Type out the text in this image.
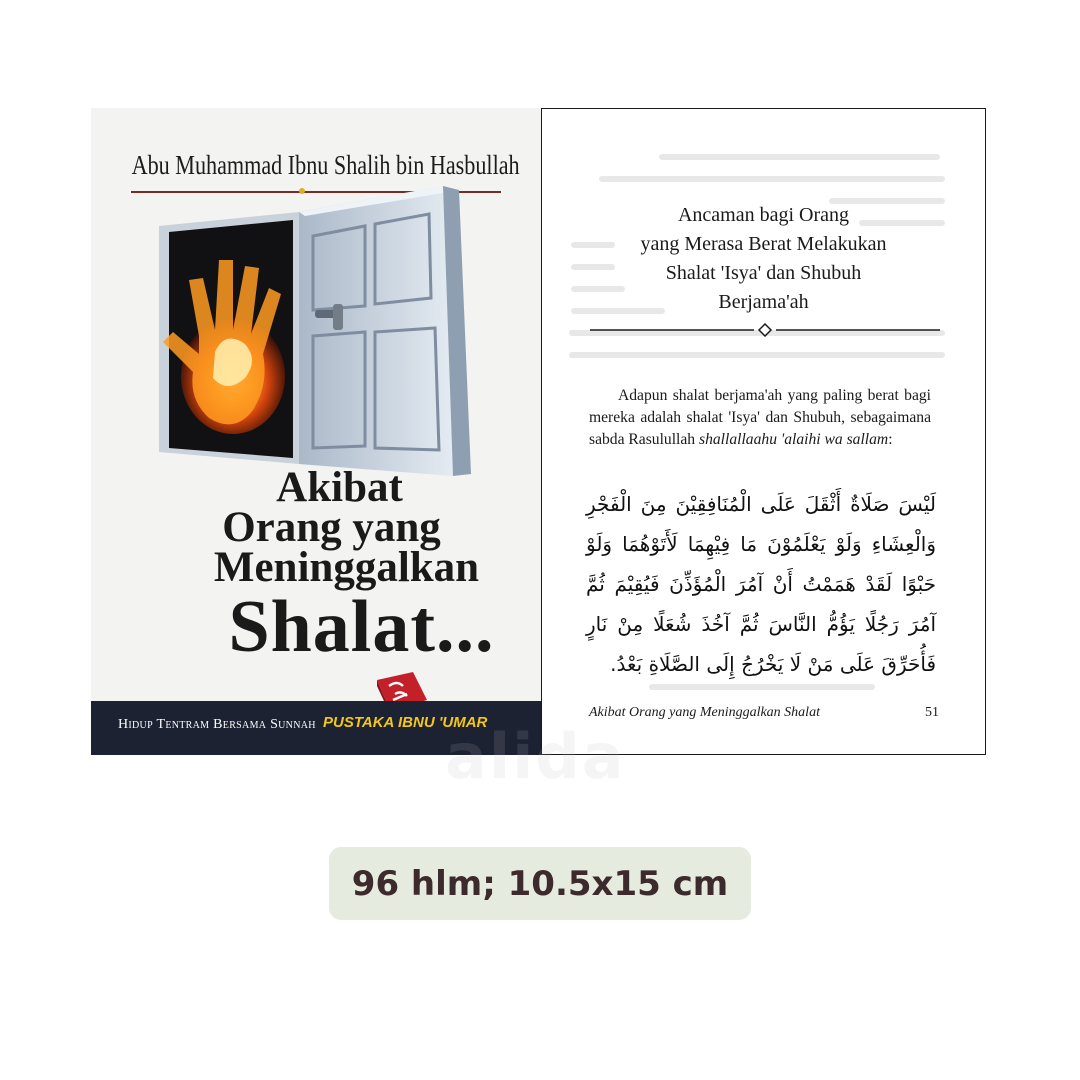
Abu Muhammad Ibnu Shalih bin Hasbullah
Akibat
Orang yang
Meninggalkan
Shalat...
Hidup Tentram Bersama Sunnah PUSTAKA IBNU 'UMAR
Ancaman bagi Orang
yang Merasa Berat Melakukan
Shalat 'Isya' dan Shubuh
Berjama'ah
Adapun shalat berjama'ah yang paling berat bagi mereka adalah shalat 'Isya' dan Shubuh, sebagaimana sabda Rasulullah shallallaahu 'alaihi wa sallam:
لَيْسَ صَلَاةٌ أَثْقَلَ عَلَى الْمُنَافِقِيْنَ مِنَ الْفَجْرِ وَالْعِشَاءِ وَلَوْ يَعْلَمُوْنَ مَا فِيْهِمَا لَأَتَوْهُمَا وَلَوْ حَبْوًا لَقَدْ هَمَمْتُ أَنْ آمُرَ الْمُؤَذِّنَ فَيُقِيْمَ ثُمَّ آمُرَ رَجُلًا يَؤُمُّ النَّاسَ ثُمَّ آخُذَ شُعَلًا مِنْ نَارٍ فَأُحَرِّقَ عَلَى مَنْ لَا يَخْرُجُ إِلَى الصَّلَاةِ بَعْدُ.
Akibat Orang yang Meninggalkan Shalat	51
alida
96 hlm; 10.5x15 cm
